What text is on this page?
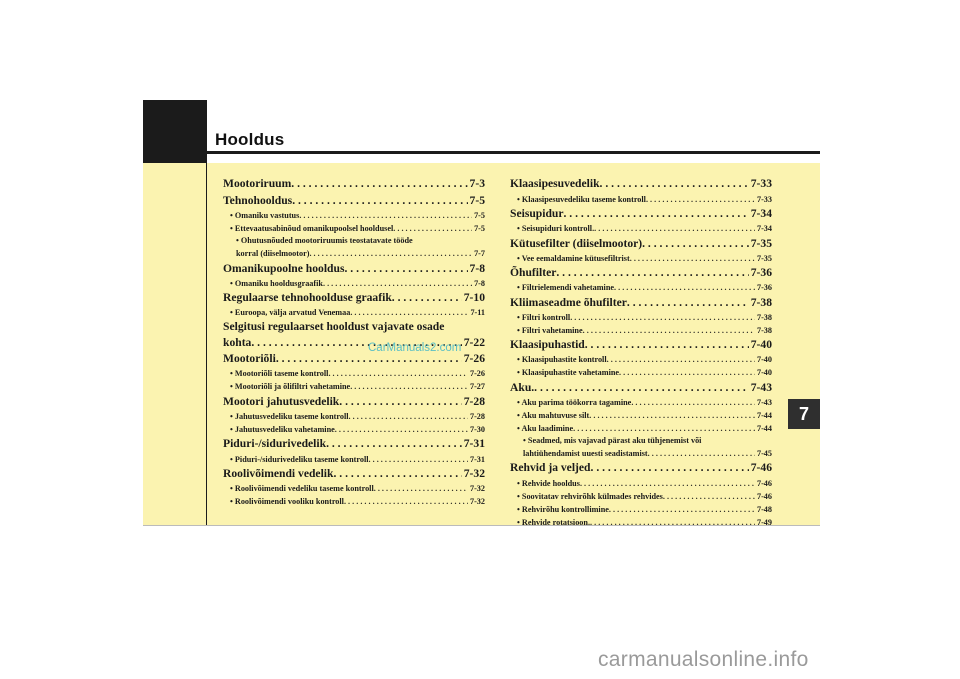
Hooldus
7
Mootoriruum . . .	7-3
Tehnohooldus . . .	7-5
• Omaniku vastutus . . .	7-5
• Ettevaatusabinõud omanikupoolsel hooldusel . . .	7-5
• Ohutusnõuded mootoriruumis teostatavate tööde
korral (diiselmootor) . . .	7-7
Omanikupoolne hooldus . . .	7-8
• Omaniku hooldusgraafik . . .	7-8
Regulaarse tehnohoolduse graafik . . .	7-10
• Euroopa, välja arvatud Venemaa . . .	7-11
Selgitusi regulaarset hooldust vajavate osade
kohta . . .	7-22
Mootoriõli . . .	7-26
• Mootoriõli taseme kontroll . . .	7-26
• Mootoriõli ja õlifiltri vahetamine . . .	7-27
Mootori jahutusvedelik . . .	7-28
• Jahutusvedeliku taseme kontroll . . .	7-28
• Jahutusvedeliku vahetamine . . .	7-30
Piduri-/sidurivedelik . . .	7-31
• Piduri-/sidurivedeliku taseme kontroll . . .	7-31
Roolivõimendi vedelik . . .	7-32
• Roolivõimendi vedeliku taseme kontroll . . .	7-32
• Roolivõimendi vooliku kontroll . . .	7-32
Klaasipesuvedelik . . .	7-33
• Klaasipesuvedeliku taseme kontroll . . .	7-33
Seisupidur . . .	7-34
• Seisupiduri kontroll. . . .	7-34
Kütusefilter (diiselmootor) . . .	7-35
• Vee eemaldamine kütusefiltrist . . .	7-35
Õhufilter . . .	7-36
• Filtrielemendi vahetamine . . .	7-36
Kliimaseadme õhufilter . . .	7-38
• Filtri kontroll . . .	7-38
• Filtri vahetamine . . .	7-38
Klaasipuhastid . . .	7-40
• Klaasipuhastite kontroll . . .	7-40
• Klaasipuhastite vahetamine . . .	7-40
Aku. . . .	7-43
• Aku parima töökorra tagamine . . .	7-43
• Aku mahtuvuse silt . . .	7-44
• Aku laadimine . . .	7-44
• Seadmed, mis vajavad pärast aku tühjenemist või
lahtiühendamist uuesti seadistamist . . .	7-45
Rehvid ja veljed . . .	7-46
• Rehvide hooldus . . .	7-46
• Soovitatav rehvirõhk külmades rehvides . . .	7-46
• Rehvirõhu kontrollimine . . .	7-48
• Rehvide rotatsioon. . . .	7-49
CarManuals2.com
carmanualsonline.info
